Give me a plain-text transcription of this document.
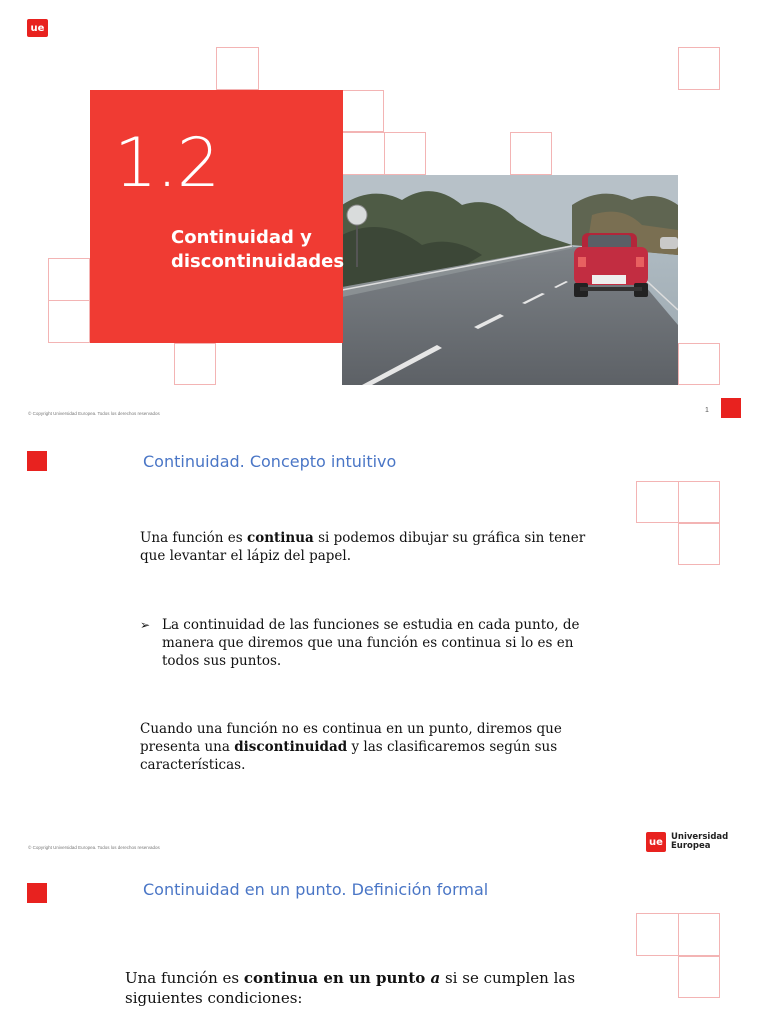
ue
1.2
Continuidad y
discontinuidades
© Copyright Universidad Europea. Todos los derechos reservados	1
Continuidad. Concepto intuitivo
Una función es continua si podemos dibujar su gráfica sin tener que levantar el lápiz del papel.
➢ La continuidad de las funciones se estudia en cada punto, de manera que diremos que una función es continua si lo es en todos sus puntos.
Cuando una función no es continua en un punto, diremos que presenta una discontinuidad y las clasificaremos según sus características.
© Copyright Universidad Europea. Todos los derechos reservados	ue Universidad
Europea
Continuidad en un punto. Definición formal
Una función es continua en un punto a si se cumplen las siguientes condiciones:
